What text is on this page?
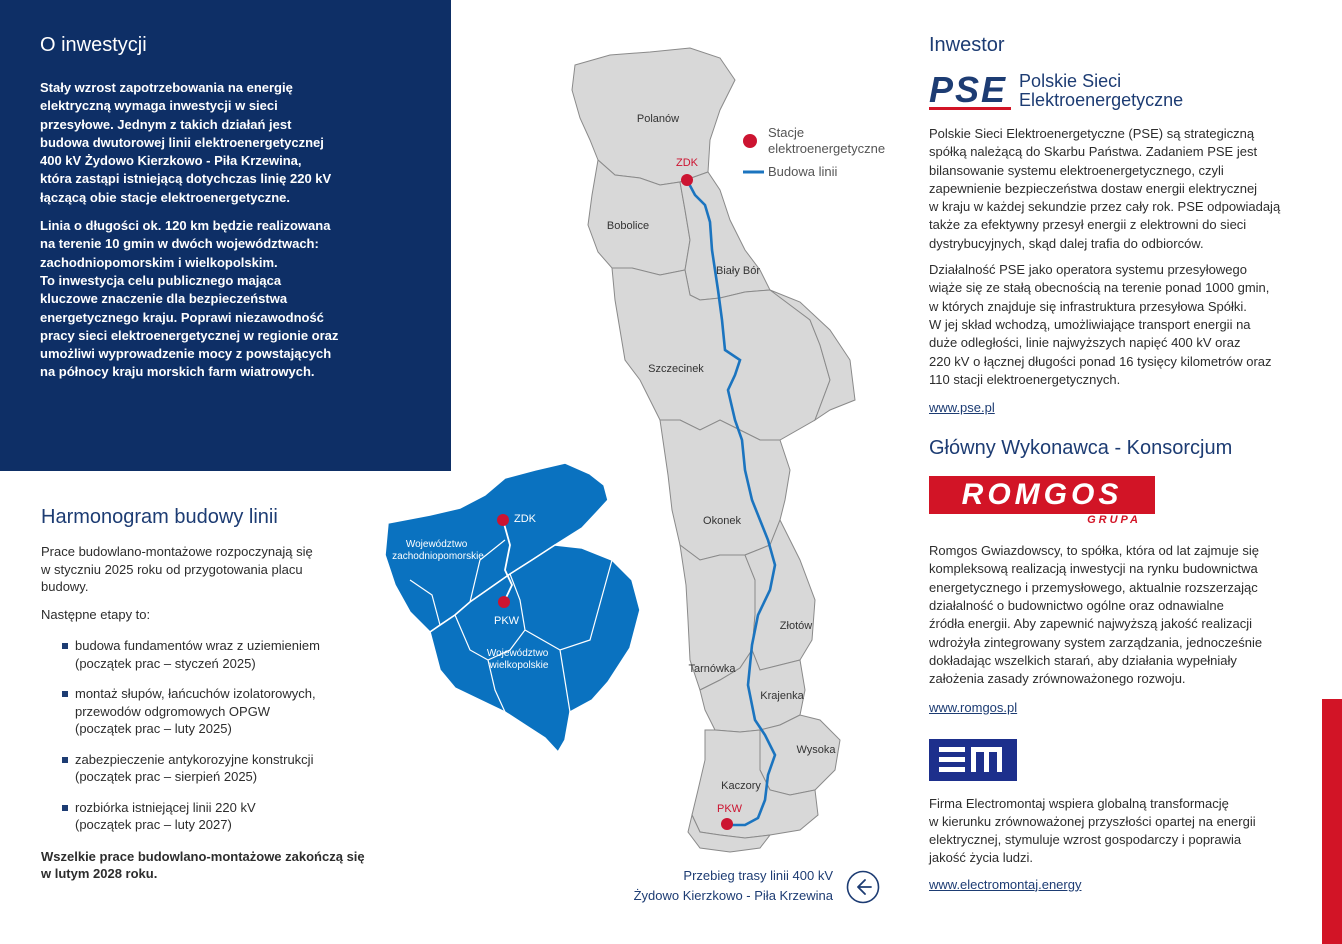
O inwestycji

Stały wzrost zapotrzebowania na energię
elektryczną wymaga inwestycji w sieci
przesyłowe. Jednym z takich działań jest
budowa dwutorowej linii elektroenergetycznej
400 kV Żydowo Kierzkowo - Piła Krzewina,
która zastąpi istniejącą dotychczas linię 220 kV
łączącą obie stacje elektroenergetyczne.

Linia o długości ok. 120 km będzie realizowana
na terenie 10 gmin w dwóch województwach:
zachodniopomorskim i wielkopolskim.

To inwestycja celu publicznego mająca
kluczowe znaczenie dla bezpieczeństwa
energetycznego kraju. Poprawi niezawodność
pracy sieci elektroenergetycznej w regionie oraz
umożliwi wyprowadzenie mocy z powstających
na północy kraju morskich farm wiatrowych.

Harmonogram budowy linii

Prace budowlano-montażowe rozpoczynają się
w styczniu 2025 roku od przygotowania placu
budowy.

Następne etapy to:

budowa fundamentów wraz z uziemieniem
(początek prac – styczeń 2025)
montaż słupów, łańcuchów izolatorowych,
przewodów odgromowych OPGW
(początek prac – luty 2025)
zabezpieczenie antykorozyjne konstrukcji
(początek prac – sierpień 2025)
rozbiórka istniejącej linii 220 kV
(początek prac – luty 2027)

Wszelkie prace budowlano-montażowe zakończą się
w lutym 2028 roku.

ZDK
PKW
Województwo zachodniopomorskie
Województwo wielkopolskie
ZDK
PKW
Polanów
Bobolice
Biały Bór
Szczecinek
Okonek
Złotów
Tarnówka
Krajenka
Wysoka
Kaczory
Stacje elektroenergetyczne
Budowa linii
Przebieg trasy linii 400 kV
Żydowo Kierzkowo - Piła Krzewina
Inwestor
PSE Polskie Sieci
Elektroenergetyczne

Polskie Sieci Elektroenergetyczne (PSE) są strategiczną
spółką należącą do Skarbu Państwa. Zadaniem PSE jest
bilansowanie systemu elektroenergetycznego, czyli
zapewnienie bezpieczeństwa dostaw energii elektrycznej
w kraju w każdej sekundzie przez cały rok. PSE odpowiadają
także za efektywny przesył energii z elektrowni do sieci
dystrybucyjnych, skąd dalej trafia do odbiorców.

Działalność PSE jako operatora systemu przesyłowego
wiąże się ze stałą obecnością na terenie ponad 1000 gmin,
w których znajduje się infrastruktura przesyłowa Spółki.
W jej skład wchodzą, umożliwiające transport energii na
duże odległości, linie najwyższych napięć 400 kV oraz
220 kV o łącznej długości ponad 16 tysięcy kilometrów oraz
110 stacji elektroenergetycznych.

www.pse.pl
Główny Wykonawca - Konsorcjum
ROMGOS
GRUPA

Romgos Gwiazdowscy, to spółka, która od lat zajmuje się
kompleksową realizacją inwestycji na rynku budownictwa
energetycznego i przemysłowego, aktualnie rozszerzając
działalność o budownictwo ogólne oraz odnawialne
źródła energii. Aby zapewnić najwyższą jakość realizacji
wdrożyła zintegrowany system zarządzania, jednocześnie
dokładając wszelkich starań, aby działania wypełniały
założenia zasady zrównoważonego rozwoju.

www.romgos.pl

Firma Electromontaj wspiera globalną transformację
w kierunku zrównoważonej przyszłości opartej na energii
elektrycznej, stymuluje wzrost gospodarczy i poprawia
jakość życia ludzi.

www.electromontaj.energy
